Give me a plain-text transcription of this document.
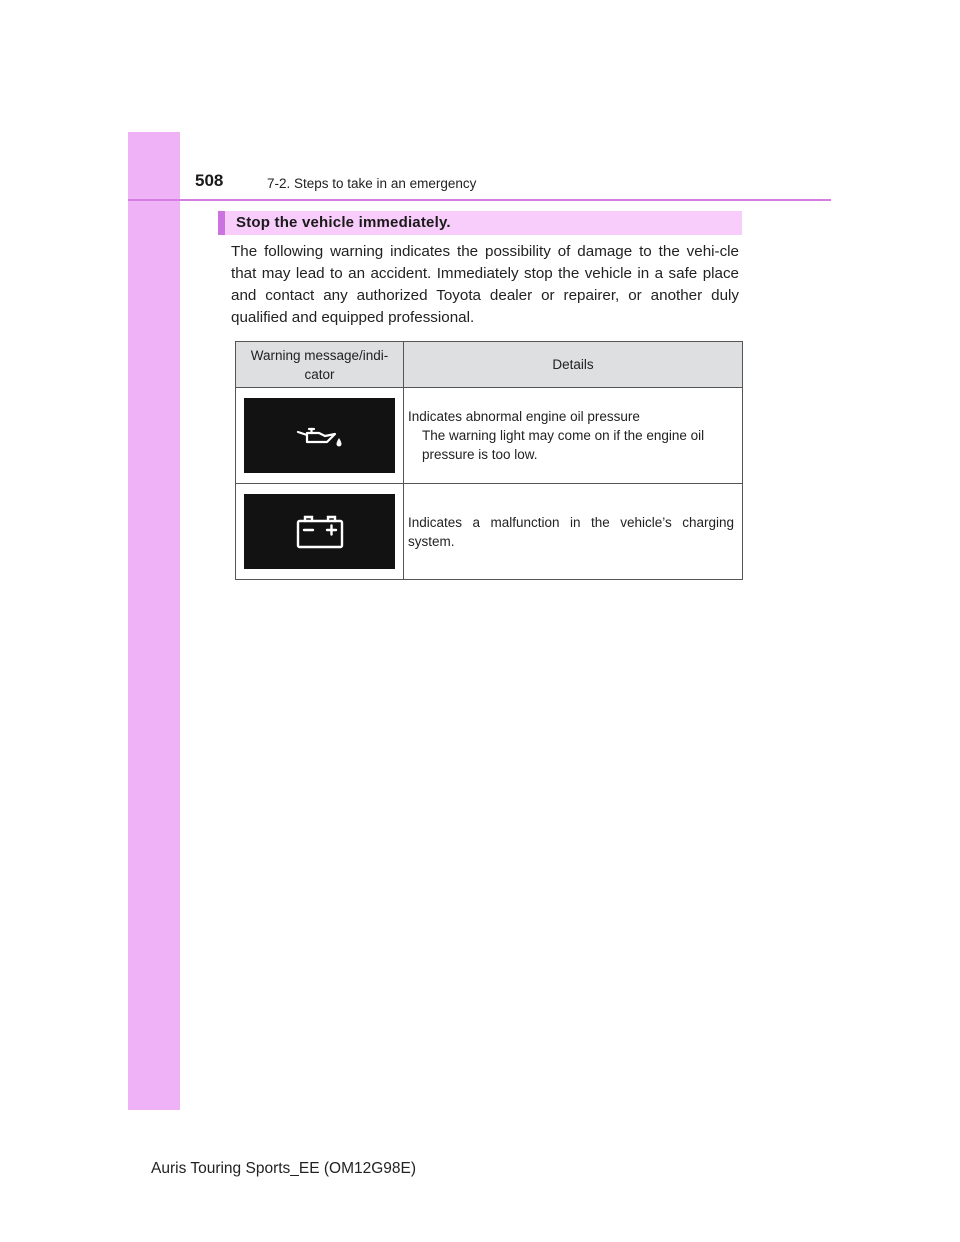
508	7-2. Steps to take in an emergency
Stop the vehicle immediately.

The following warning indicates the possibility of damage to the vehi-cle that may lead to an accident. Immediately stop the vehicle in a safe place and contact any authorized Toyota dealer or repairer, or another duly qualified and equipped professional.

Warning message/indi-cator	Details

Indicates abnormal engine oil pressure
The warning light may come on if the engine oil pressure is too low.

Indicates a malfunction in the vehicle’s charging system.
Auris Touring Sports_EE (OM12G98E)
